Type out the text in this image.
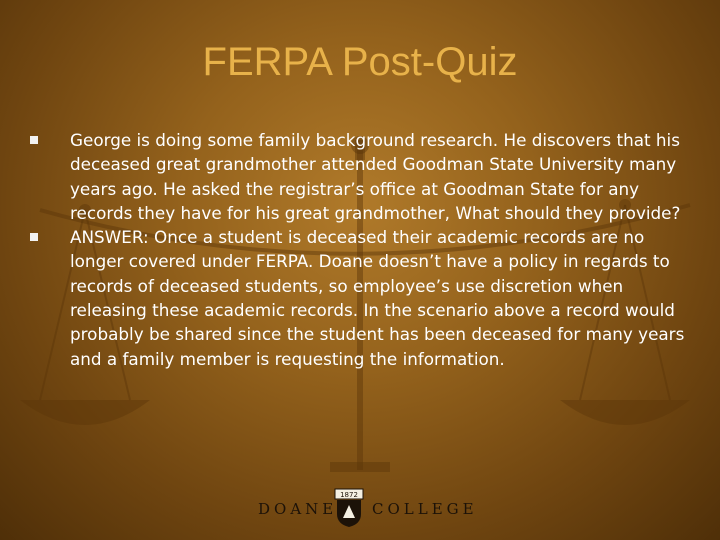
FERPA Post-Quiz
George is doing some family background research. He discovers that his deceased great grandmother attended Goodman State University many years ago. He asked the registrar’s office at Goodman State for any records they have for his great grandmother, What should they provide?
ANSWER: Once a student is deceased their academic records are no longer covered under FERPA. Doane doesn’t have a policy in regards to records of deceased students, so employee’s use discretion when releasing these academic records. In the scenario above a record would probably be shared since the student has been deceased for many years and a family member is requesting the information.
DOANE
1872
COLLEGE
